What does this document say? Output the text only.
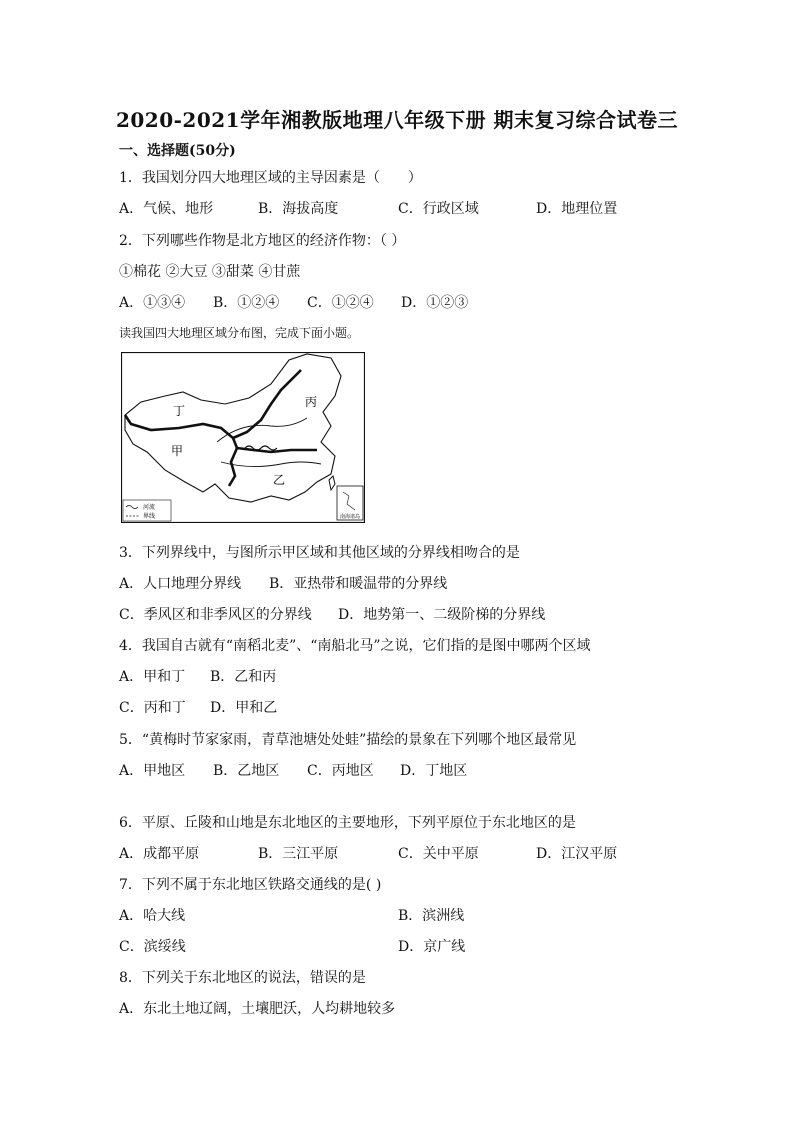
2020-2021学年湘教版地理八年级下册 期末复习综合试卷三
一、选择题(50分)
1．我国划分四大地理区域的主导因素是（　　）
A．气候、地形	B．海拔高度	C．行政区域	D．地理位置
2．下列哪些作物是北方地区的经济作物：（ ）
①棉花 ②大豆 ③甜菜 ④甘蔗
A．①③④ B．①②④ C．①②④ D．①②③
读我国四大地理区域分布图，完成下面小题。
南海诸岛
丁
丙
甲
乙
河流
界线
3．下列界线中，与图所示甲区域和其他区域的分界线相吻合的是
A．人口地理分界线 B．亚热带和暖温带的分界线
C．季风区和非季风区的分界线 D．地势第一、二级阶梯的分界线
4．我国自古就有“南稻北麦”、“南船北马”之说，它们指的是图中哪两个区域
A．甲和丁 B．乙和丙
C．丙和丁 D．甲和乙
5．“黄梅时节家家雨，青草池塘处处蛙”描绘的景象在下列哪个地区最常见
A．甲地区 B．乙地区 C．丙地区 D．丁地区
6．平原、丘陵和山地是东北地区的主要地形，下列平原位于东北地区的是
A．成都平原	B．三江平原	C．关中平原	D．江汉平原
7．下列不属于东北地区铁路交通线的是( )
A．哈大线	B．滨洲线
C．滨绥线	D．京广线
8．下列关于东北地区的说法，错误的是
A．东北土地辽阔，土壤肥沃，人均耕地较多
